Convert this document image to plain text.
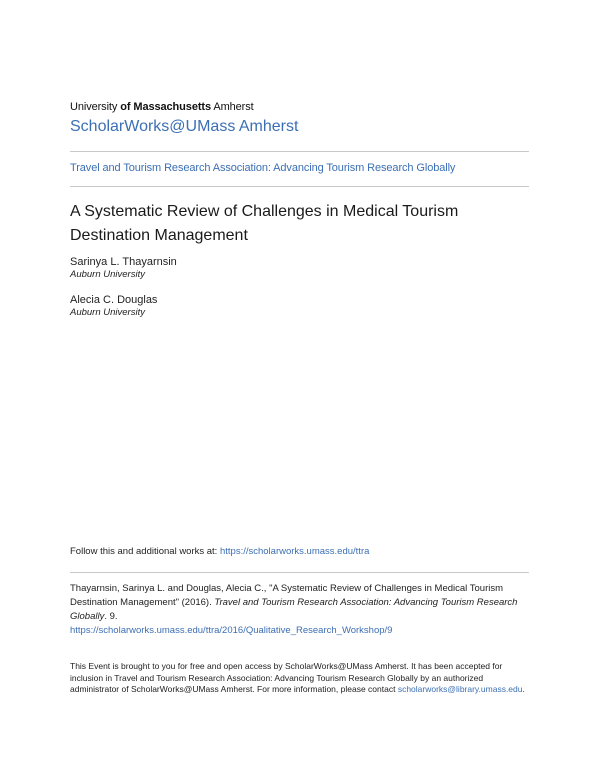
University of Massachusetts Amherst
ScholarWorks@UMass Amherst
Travel and Tourism Research Association: Advancing Tourism Research Globally
A Systematic Review of Challenges in Medical Tourism Destination Management
Sarinya L. Thayarnsin
Auburn University
Alecia C. Douglas
Auburn University
Follow this and additional works at: https://scholarworks.umass.edu/ttra
Thayarnsin, Sarinya L. and Douglas, Alecia C., "A Systematic Review of Challenges in Medical Tourism Destination Management" (2016). Travel and Tourism Research Association: Advancing Tourism Research Globally. 9.
https://scholarworks.umass.edu/ttra/2016/Qualitative_Research_Workshop/9
This Event is brought to you for free and open access by ScholarWorks@UMass Amherst. It has been accepted for inclusion in Travel and Tourism Research Association: Advancing Tourism Research Globally by an authorized administrator of ScholarWorks@UMass Amherst. For more information, please contact scholarworks@library.umass.edu.
